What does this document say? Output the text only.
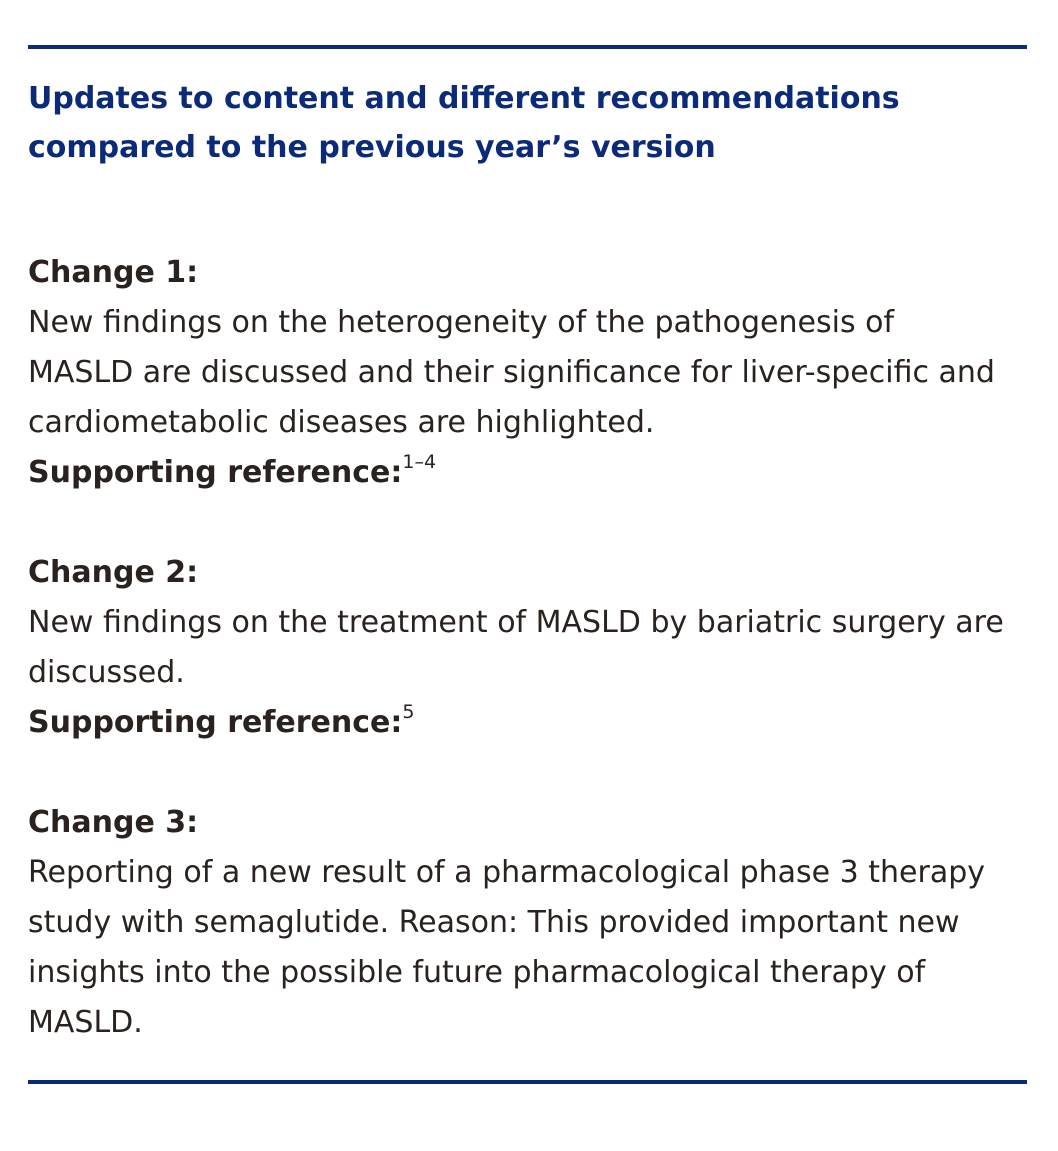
Updates to content and different recommendations
compared to the previous year’s version
Change 1:
New findings on the heterogeneity of the pathogenesis of
MASLD are discussed and their significance for liver-specific and
cardiometabolic diseases are highlighted.
Supporting reference:$^{1-4}$
Change 2:
New findings on the treatment of MASLD by bariatric surgery are
discussed.
Supporting reference:$^5$
Change 3:
Reporting of a new result of a pharmacological phase 3 therapy
study with semaglutide. Reason: This provided important new
insights into the possible future pharmacological therapy of
MASLD.
